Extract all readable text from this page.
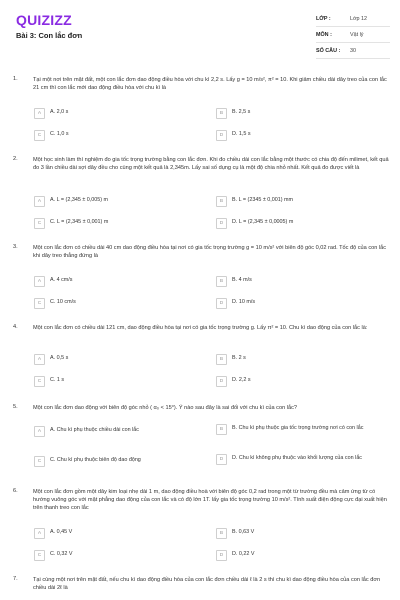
QUIZIZZ
Bài 3: Con lắc đơn
LỚP :	Lớp 12
MÔN :	Vật lý
SỐ CÂU :	30
1.	Tại một nơi trên mặt đất, một con lắc đơn dao động điều hòa với chu kì 2,2 s. Lấy g = 10 m/s², π² = 10. Khi giảm chiều dài dây treo của con lắc 21 cm thì con lắc mới dao động điều hòa với chu kì là
A	A. 2,0 s	B	B. 2,5 s
C	C. 1,0 s	D	D. 1,5 s
2.	Một học sinh làm thí nghiệm đo gia tốc trọng trường bằng con lắc đơn. Khi đo chiều dài con lắc bằng một thước có chia độ đến milimet, kết quả đo 3 lần chiều dài sợi dây đều cho cùng một kết quả là 2,345m. Lấy sai số dụng cụ là một độ chia nhỏ nhất. Kết quả đo được viết là
A	A. L = (2,345 ± 0,005) m	B	B. L = (2345 ± 0,001) mm
C	C. L = (2,345 ± 0,001) m	D	D. L = (2,345 ± 0,0005) m
3.	Một con lắc đơn có chiều dài 40 cm dao động điều hòa tại nơi có gia tốc trọng trường g = 10 m/s² với biên độ góc 0,02 rad. Tốc độ của con lắc khi dây treo thẳng đứng là
A	A. 4 cm/s	B	B. 4 m/s
C	C. 10 cm/s	D	D. 10 m/s
4.	Một con lắc đơn có chiều dài 121 cm, dao động điều hòa tại nơi có gia tốc trọng trường g. Lấy π² = 10. Chu kì dao động của con lắc là:
A	A. 0,5 s	B	B. 2 s
C	C. 1 s	D	D. 2,2 s
5.	Một con lắc đơn dao động với biên độ góc nhỏ ( α₀ < 15⁰). Ý nào sau đây là sai đối với chu kì của con lắc?
A	A. Chu kì phụ thuộc chiều dài con lắc	B	B. Chu kì phụ thuộc gia tốc trọng trường nơi có con lắc
C	C. Chu kì phụ thuộc biên độ dao động	D	D. Chu kì không phụ thuộc vào khối lượng của con lắc
6.	Một con lắc đơn gồm một dây kim loại nhẹ dài 1 m, dao động điều hoà với biên độ góc 0,2 rad trong một từ trường đều mà cảm ứng từ có hướng vuông góc với mặt phẳng dao động của con lắc và có độ lớn 1T. lấy gia tốc trọng trường 10 m/s². Tính suất điện động cực đại xuất hiện trên thanh treo con lắc
A	A. 0,45 V	B	B. 0,63 V
C	C. 0,32 V	D	D. 0,22 V
7.	Tại cùng một nơi trên mặt đất, nếu chu kì dao động điều hòa của con lắc đơn chiều dài ℓ là 2 s thì chu kì dao động điều hòa của con lắc đơn chiều dài 2ℓ là
